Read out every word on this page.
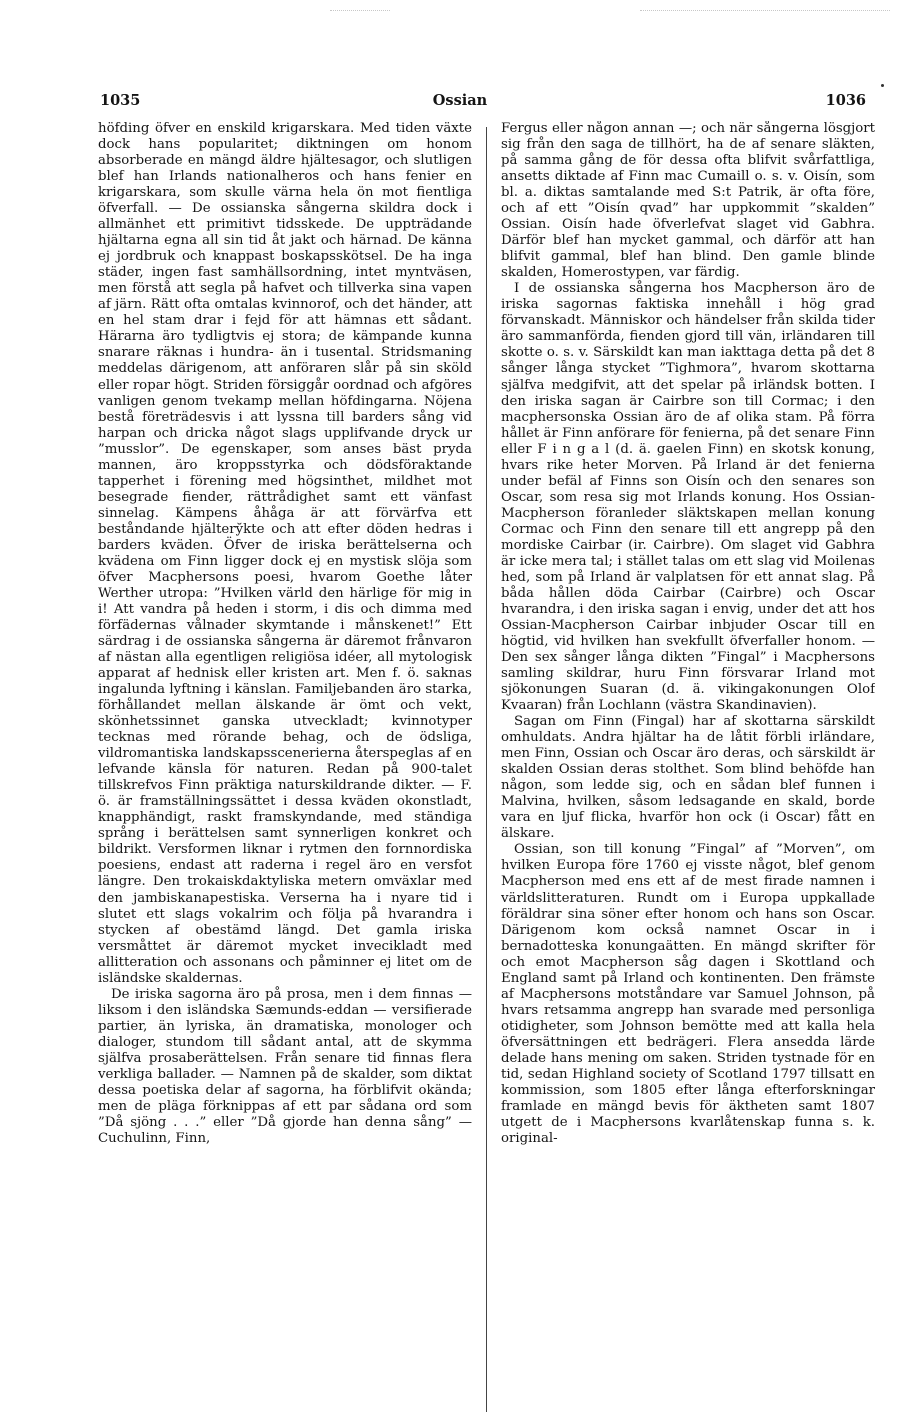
1035	Ossian	1036

höfding öfver en enskild krigarskara. Med tiden växte dock hans popularitet; diktningen om honom absorberade en mängd äldre hjältesagor, och slutligen blef han Irlands nationalheros och hans fenier en krigarskara, som skulle värna hela ön mot fientliga öfverfall. — De ossianska sångerna skildra dock i allmänhet ett primitivt tidsskede. De uppträdande hjältarna egna all sin tid åt jakt och härnad. De känna ej jordbruk och knappast boskapsskötsel. De ha inga städer, ingen fast samhällsordning, intet myntväsen, men förstå att segla på hafvet och tillverka sina vapen af järn. Rätt ofta omtalas kvinnorof, och det händer, att en hel stam drar i fejd för att hämnas ett sådant. Härarna äro tydligtvis ej stora; de kämpande kunna snarare räknas i hundra- än i tusental. Stridsmaning meddelas därigenom, att anföraren slår på sin sköld eller ropar högt. Striden försiggår oordnad och afgöres vanligen genom tvekamp mellan höfdingarna. Nöjena bestå företrädesvis i att lyssna till barders sång vid harpan och dricka något slags upplifvande dryck ur ”musslor”. De egenskaper, som anses bäst pryda mannen, äro kroppsstyrka och dödsföraktande tapperhet i förening med högsinthet, mildhet mot besegrade fiender, rättrådighet samt ett vänfast sinnelag. Kämpens åhåga är att förvärfva ett beståndande hjältery̆kte och att efter döden hedras i barders kväden. Öfver de iriska berättelserna och kvädena om Finn ligger dock ej en mystisk slöja som öfver Macphersons poesi, hvarom Goethe låter Werther utropa: ”Hvilken värld den härlige för mig in i! Att vandra på heden i storm, i dis och dimma med förfädernas vålnader skymtande i månskenet!” Ett särdrag i de ossianska sångerna är däremot frånvaron af nästan alla egentligen religiösa idéer, all mytologisk apparat af hednisk eller kristen art. Men f. ö. saknas ingalunda lyftning i känslan. Familjebanden äro starka, förhållandet mellan älskande är ömt och vekt, skönhetssinnet ganska utveckladt; kvinnotyper tecknas med rörande behag, och de ödsliga, vildromantiska landskapsscenerierna återspeglas af en lefvande känsla för naturen. Redan på 900-talet tillskrefvos Finn präktiga naturskildrande dikter. — F. ö. är framställningssättet i dessa kväden okonstladt, knapphändigt, raskt framskyndande, med ständiga språng i berättelsen samt synnerligen konkret och bildrikt. Versformen liknar i rytmen den fornnordiska poesiens, endast att raderna i regel äro en versfot längre. Den trokaiskdaktyliska metern omväxlar med den jambiskanapestiska. Verserna ha i nyare tid i slutet ett slags vokalrim och följa på hvarandra i stycken af obestämd längd. Det gamla iriska versmåttet är däremot mycket invecikladt med allitteration och assonans och påminner ej litet om de isländske skaldernas.

De iriska sagorna äro på prosa, men i dem finnas — liksom i den isländska Sæmunds-eddan — versifierade partier, än lyriska, än dramatiska, monologer och dialoger, stundom till sådant antal, att de skymma själfva prosaberättelsen. Från senare tid finnas flera verkliga ballader. — Namnen på de skalder, som diktat dessa poetiska delar af sagorna, ha förblifvit okända; men de pläga förknippas af ett par sådana ord som ”Då sjöng . . .” eller ”Då gjorde han denna sång” — Cuchulinn, Finn,

Fergus eller någon annan —; och när sångerna lösgjort sig från den saga de tillhört, ha de af senare släkten, på samma gång de för dessa ofta blifvit svårfattliga, ansetts diktade af Finn mac Cumaill o. s. v. Oisín, som bl. a. diktas samtalande med S:t Patrik, är ofta före, och af ett ”Oisín qvad” har uppkommit ”skalden” Ossian. Oisín hade öfverlefvat slaget vid Gabhra. Därför blef han mycket gammal, och därför att han blifvit gammal, blef han blind. Den gamle blinde skalden, Homerostypen, var färdig.

I de ossianska sångerna hos Macpherson äro de iriska sagornas faktiska innehåll i hög grad förvanskadt. Människor och händelser från skilda tider äro sammanförda, fienden gjord till vän, irländaren till skotte o. s. v. Särskildt kan man iakttaga detta på det 8 sånger långa stycket ”Tighmora”, hvarom skottarna själfva medgifvit, att det spelar på irländsk botten. I den iriska sagan är Cairbre son till Cormac; i den macphersonska Ossian äro de af olika stam. På förra hållet är Finn anförare för fenierna, på det senare Finn eller F i n g a l (d. ä. gaelen Finn) en skotsk konung, hvars rike heter Morven. På Irland är det fenierna under befäl af Finns son Oisín och den senares son Oscar, som resa sig mot Irlands konung. Hos Ossian-Macpherson föranleder släktskapen mellan konung Cormac och Finn den senare till ett angrepp på den mordiske Cairbar (ir. Cairbre). Om slaget vid Gabhra är icke mera tal; i stället talas om ett slag vid Moilenas hed, som på Irland är valplatsen för ett annat slag. På båda hållen döda Cairbar (Cairbre) och Oscar hvarandra, i den iriska sagan i envig, under det att hos Ossian-Macpherson Cairbar inbjuder Oscar till en högtid, vid hvilken han svekfullt öfverfaller honom. — Den sex sånger långa dikten ”Fingal” i Macphersons samling skildrar, huru Finn försvarar Irland mot sjökonungen Suaran (d. ä. vikingakonungen Olof Kvaaran) från Lochlann (västra Skandinavien).

Sagan om Finn (Fingal) har af skottarna särskildt omhuldats. Andra hjältar ha de låtit förbli irländare, men Finn, Ossian och Oscar äro deras, och särskildt är skalden Ossian deras stolthet. Som blind behöfde han någon, som ledde sig, och en sådan blef funnen i Malvina, hvilken, såsom ledsagande en skald, borde vara en ljuf flicka, hvarför hon ock (i Oscar) fått en älskare.

Ossian, son till konung ”Fingal” af ”Morven”, om hvilken Europa före 1760 ej visste något, blef genom Macpherson med ens ett af de mest firade namnen i världslitteraturen. Rundt om i Europa uppkallade föräldrar sina söner efter honom och hans son Oscar. Därigenom kom också namnet Oscar in i bernadotteska konungaätten. En mängd skrifter för och emot Macpherson såg dagen i Skottland och England samt på Irland och kontinenten. Den främste af Macphersons motståndare var Samuel Johnson, på hvars retsamma angrepp han svarade med personliga otidigheter, som Johnson bemötte med att kalla hela öfversättningen ett bedrägeri. Flera ansedda lärde delade hans mening om saken. Striden tystnade för en tid, sedan Highland society of Scotland 1797 tillsatt en kommission, som 1805 efter långa efterforskningar framlade en mängd bevis för äktheten samt 1807 utgett de i Macphersons kvarlåtenskap funna s. k. original-
